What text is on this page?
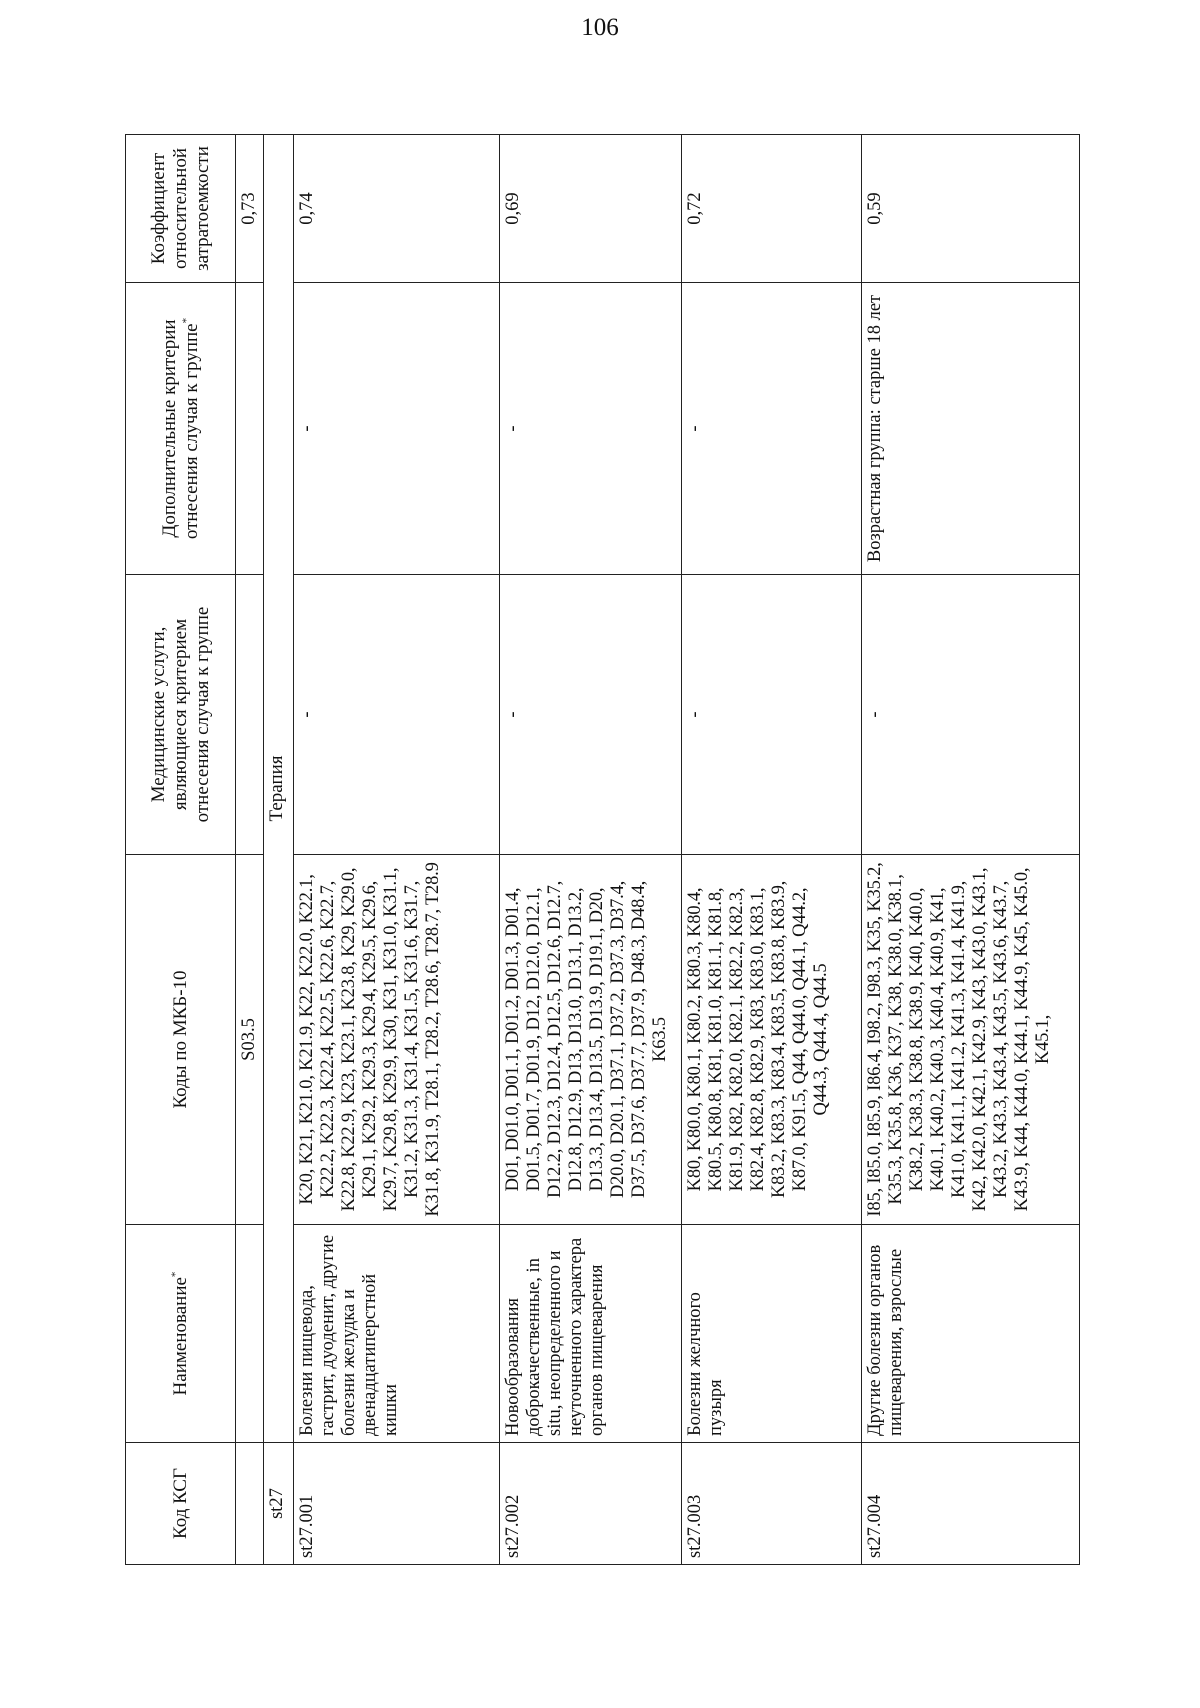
106
Код КСГ	Наименование*	Коды по МКБ-10	Медицинские услуги, являющиеся критерием отнесения случая к группе	Дополнительные критерии отнесения случая к группе*	Коэффициент относительной затратоемкости
		S03.5			0,73
st27	Терапия				
st27.001	Болезни пищевода, гастрит, дуоденит, другие болезни желудка и двенадцатиперстной кишки	K20, K21, K21.0, K21.9, K22, K22.0, K22.1, K22.2, K22.3, K22.4, K22.5, K22.6, K22.7, K22.8, K22.9, K23, K23.1, K23.8, K29, K29.0, K29.1, K29.2, K29.3, K29.4, K29.5, K29.6, K29.7, K29.8, K29.9, K30, K31, K31.0, K31.1, K31.2, K31.3, K31.4, K31.5, K31.6, K31.7, K31.8, K31.9, T28.1, T28.2, T28.6, T28.7, T28.9	-	-	0,74
st27.002	Новообразования доброкачественные, in situ, неопределенного и неуточненного характера органов пищеварения	D01, D01.0, D01.1, D01.2, D01.3, D01.4, D01.5, D01.7, D01.9, D12, D12.0, D12.1, D12.2, D12.3, D12.4, D12.5, D12.6, D12.7, D12.8, D12.9, D13, D13.0, D13.1, D13.2, D13.3, D13.4, D13.5, D13.9, D19.1, D20, D20.0, D20.1, D37.1, D37.2, D37.3, D37.4, D37.5, D37.6, D37.7, D37.9, D48.3, D48.4, K63.5	-	-	0,69
st27.003	Болезни желчного пузыря	K80, K80.0, K80.1, K80.2, K80.3, K80.4, K80.5, K80.8, K81, K81.0, K81.1, K81.8, K81.9, K82, K82.0, K82.1, K82.2, K82.3, K82.4, K82.8, K82.9, K83, K83.0, K83.1, K83.2, K83.3, K83.4, K83.5, K83.8, K83.9, K87.0, K91.5, Q44, Q44.0, Q44.1, Q44.2, Q44.3, Q44.4, Q44.5	-	-	0,72
st27.004	Другие болезни органов пищеварения, взрослые	I85, I85.0, I85.9, I86.4, I98.2, I98.3, K35, K35.2, K35.3, K35.8, K36, K37, K38, K38.0, K38.1, K38.2, K38.3, K38.8, K38.9, K40, K40.0, K40.1, K40.2, K40.3, K40.4, K40.9, K41, K41.0, K41.1, K41.2, K41.3, K41.4, K41.9, K42, K42.0, K42.1, K42.9, K43, K43.0, K43.1, K43.2, K43.3, K43.4, K43.5, K43.6, K43.7, K43.9, K44, K44.0, K44.1, K44.9, K45, K45.0, K45.1,	-	Возрастная группа: старше 18 лет	0,59
